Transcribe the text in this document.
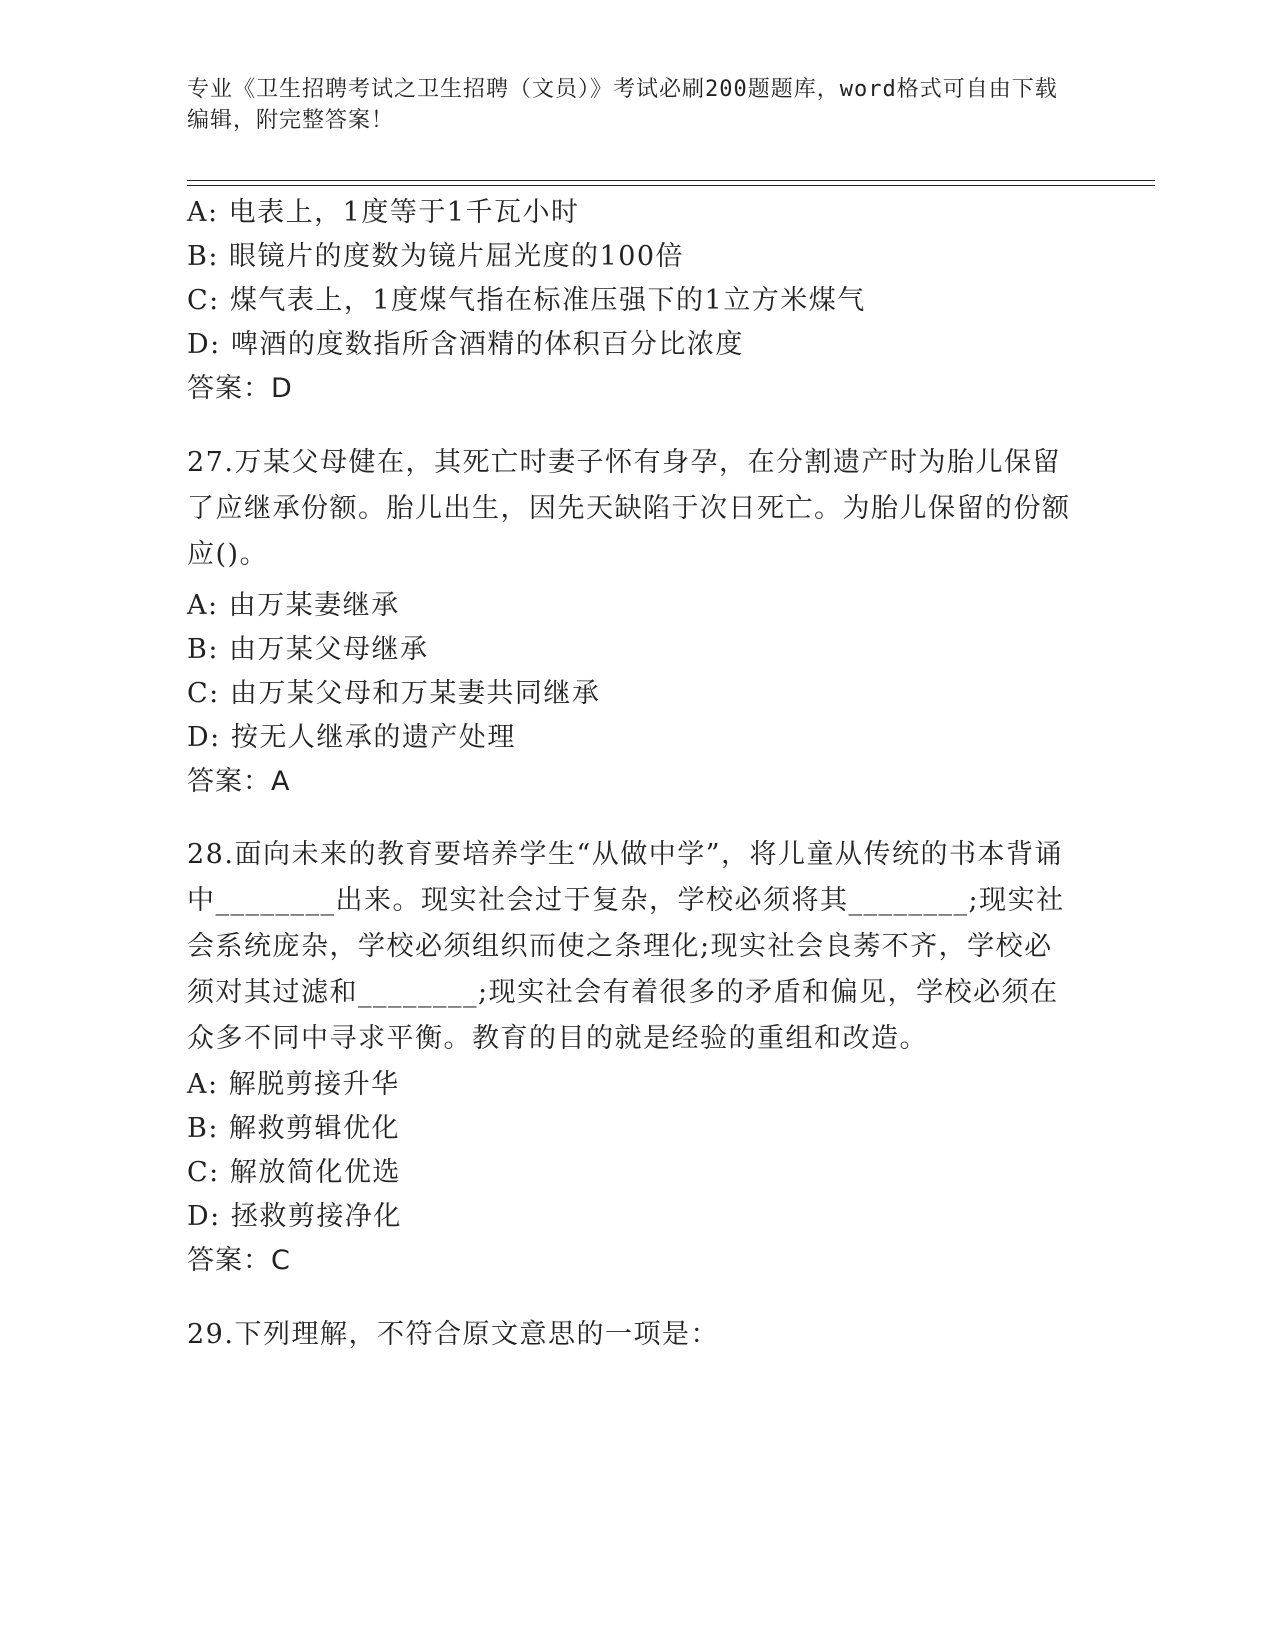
专业《卫生招聘考试之卫生招聘（文员）》考试必刷200题题库，word格式可自由下载编辑，附完整答案！
A: 电表上，1度等于1千瓦小时
B: 眼镜片的度数为镜片屈光度的100倍
C: 煤气表上，1度煤气指在标准压强下的1立方米煤气
D: 啤酒的度数指所含酒精的体积百分比浓度
答案：D
27.万某父母健在，其死亡时妻子怀有身孕，在分割遗产时为胎儿保留了应继承份额。胎儿出生，因先天缺陷于次日死亡。为胎儿保留的份额应()。
A: 由万某妻继承
B: 由万某父母继承
C: 由万某父母和万某妻共同继承
D: 按无人继承的遗产处理
答案：A
28.面向未来的教育要培养学生“从做中学”，将儿童从传统的书本背诵中________出来。现实社会过于复杂，学校必须将其________;现实社会系统庞杂，学校必须组织而使之条理化;现实社会良莠不齐，学校必须对其过滤和________;现实社会有着很多的矛盾和偏见，学校必须在众多不同中寻求平衡。教育的目的就是经验的重组和改造。
A: 解脱剪接升华
B: 解救剪辑优化
C: 解放简化优选
D: 拯救剪接净化
答案：C
29.下列理解，不符合原文意思的一项是：
